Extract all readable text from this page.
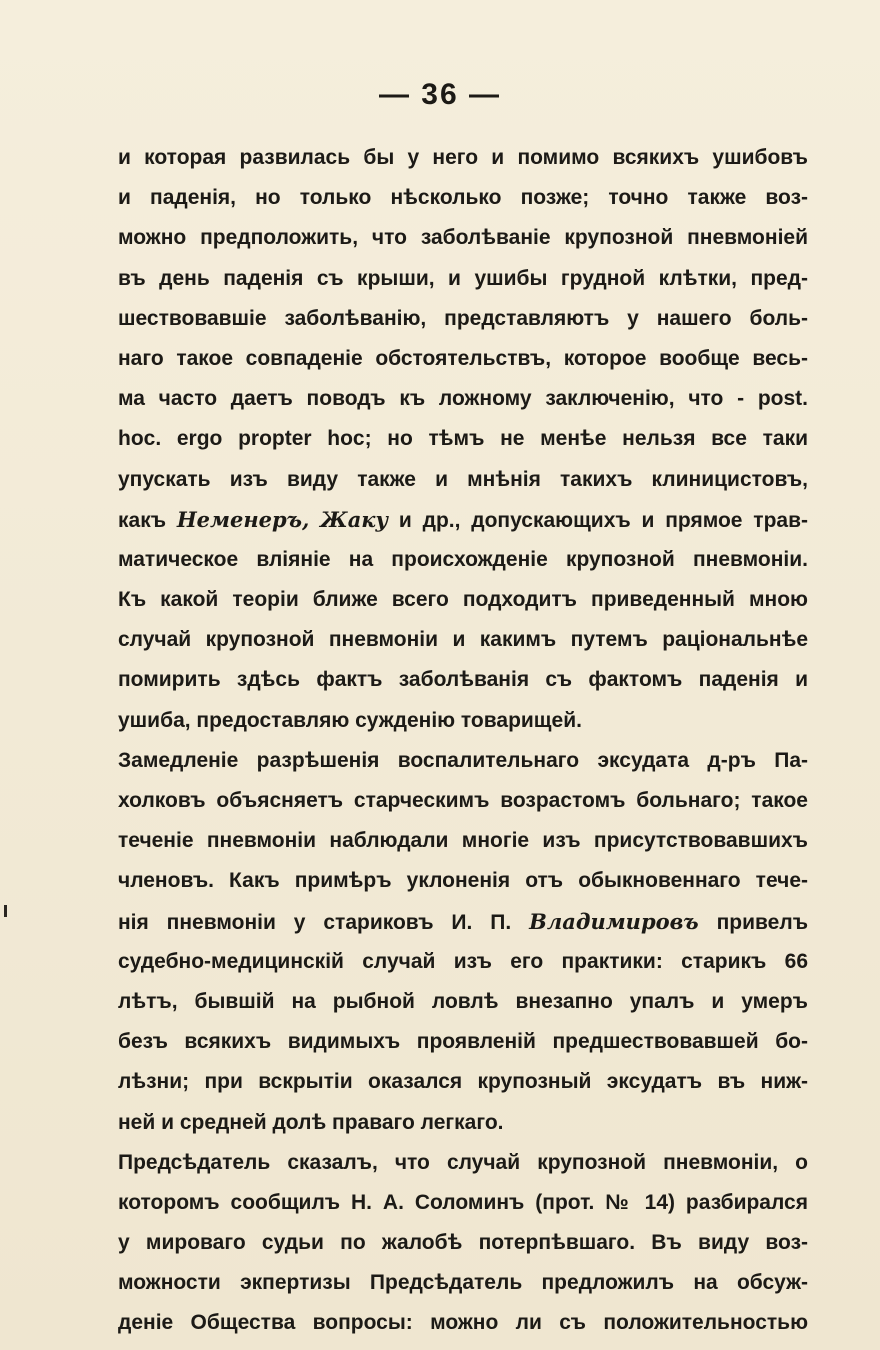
— 36 —
и которая развилась бы у него и помимо всякихъ ушибовъ
и паденія, но только нѣсколько позже; точно также воз-
можно предположить, что заболѣваніе крупозной пневмоніей
въ день паденія съ крыши, и ушибы грудной клѣтки, пред-
шествовавшіе заболѣванію, представляютъ у нашего боль-
наго такое совпаденіе обстоятельствъ, которое вообще весь-
ма часто даетъ поводъ къ ложному заключенію, что - post.
hoc. ergo propter hoc; но тѣмъ не менѣе нельзя все таки
упускать изъ виду также и мнѣнія такихъ клиницистовъ,
какъ Неменеръ, Жаку и др., допускающихъ и прямое трав-
матическое вліяніе на происхожденіе крупозной пневмоніи.
Къ какой теоріи ближе всего подходитъ приведенный мною
случай крупозной пневмоніи и какимъ путемъ раціональнѣе
помирить здѣсь фактъ заболѣванія съ фактомъ паденія и
ушиба, предоставляю сужденію товарищей.
Замедленіе разрѣшенія воспалительнаго эксудата д-ръ Па-
холковъ объясняетъ старческимъ возрастомъ больнаго; такое
теченіе пневмоніи наблюдали многіе изъ присутствовавшихъ
членовъ. Какъ примѣръ уклоненія отъ обыкновеннаго тече-
нія пневмоніи у стариковъ И. П. Владимировъ привелъ
судебно-медицинскій случай изъ его практики: старикъ 66
лѣтъ, бывшій на рыбной ловлѣ внезапно упалъ и умеръ
безъ всякихъ видимыхъ проявленій предшествовавшей бо-
лѣзни; при вскрытіи оказался крупозный эксудатъ въ ниж-
ней и средней долѣ праваго легкаго.
Предсѣдатель сказалъ, что случай крупозной пневмоніи, о
которомъ сообщилъ Н. А. Соломинъ (прот. № 14) разбирался
у мироваго судьи по жалобѣ потерпѣвшаго. Въ виду воз-
можности экпертизы Предсѣдатель предложилъ на обсуж-
деніе Общества вопросы: можно ли съ положительностью
